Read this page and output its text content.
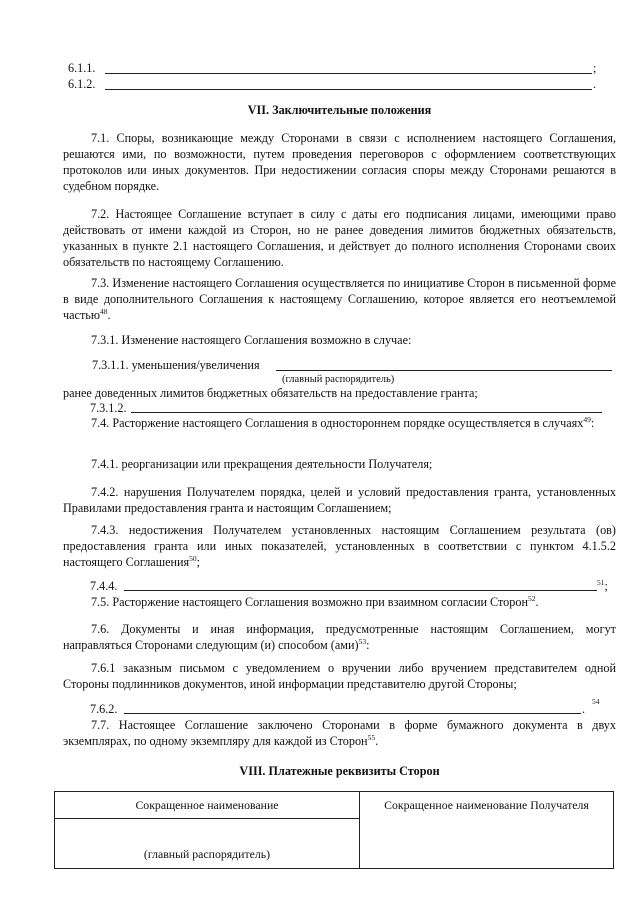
6.1.1.	;
6.1.2.	.
VII. Заключительные положения
7.1. Споры, возникающие между Сторонами в связи с исполнением настоящего Соглашения, решаются ими, по возможности, путем проведения переговоров с оформлением соответствующих протоколов или иных документов. При недостижении согласия споры между Сторонами решаются в судебном порядке.
7.2. Настоящее Соглашение вступает в силу с даты его подписания лицами, имеющими право действовать от имени каждой из Сторон, но не ранее доведения лимитов бюджетных обязательств, указанных в пункте 2.1 настоящего Соглашения, и действует до полного исполнения Сторонами своих обязательств по настоящему Соглашению.
7.3. Изменение настоящего Соглашения осуществляется по инициативе Сторон в письменной форме в виде дополнительного Соглашения к настоящему Соглашению, которое является его неотъемлемой частью$^{48}$.
7.3.1. Изменение настоящего Соглашения возможно в случае:
7.3.1.1. уменьшения/увеличения
(главный распорядитель)
ранее доведенных лимитов бюджетных обязательств на предоставление гранта;
7.3.1.2.
7.4. Расторжение настоящего Соглашения в одностороннем порядке осуществляется в случаях$^{49}$:
7.4.1. реорганизации или прекращения деятельности Получателя;
7.4.2. нарушения Получателем порядка, целей и условий предоставления гранта, установленных Правилами предоставления гранта и настоящим Соглашением;
7.4.3. недостижения Получателем установленных настоящим Соглашением результата (ов) предоставления гранта или иных показателей, установленных в соответствии с пунктом 4.1.5.2 настоящего Соглашения$^{50}$;
7.4.4.	$^{51}$;
7.5. Расторжение настоящего Соглашения возможно при взаимном согласии Сторон$^{52}$.
7.6. Документы и иная информация, предусмотренные настоящим Соглашением, могут направляться Сторонами следующим (и) способом (ами)$^{53}$:
7.6.1 заказным письмом с уведомлением о вручении либо вручением представителем одной Стороны подлинников документов, иной информации представителю другой Стороны;
7.6.2.	.
54
7.7. Настоящее Соглашение заключено Сторонами в форме бумажного документа в двух экземплярах, по одному экземпляру для каждой из Сторон$^{55}$.
VIII. Платежные реквизиты Сторон
Сокращенное наименование	Сокращенное наименование Получателя
(главный распорядитель)
